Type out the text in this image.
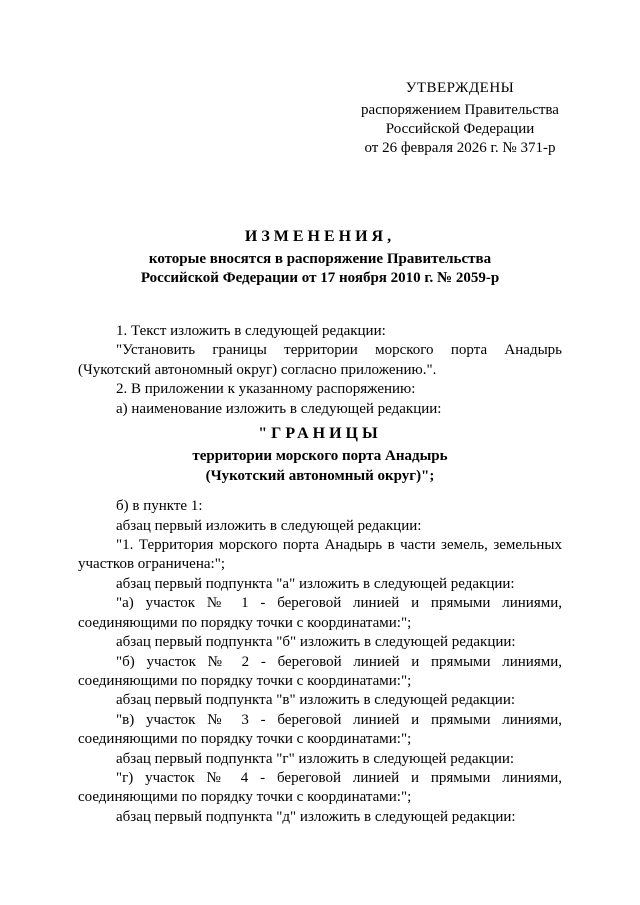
УТВЕРЖДЕНЫ
распоряжением Правительства
Российской Федерации
от 26 февраля 2026 г. № 371-р
ИЗМЕНЕНИЯ,
которые вносятся в распоряжение Правительства
Российской Федерации от 17 ноября 2010 г. № 2059-р

1. Текст изложить в следующей редакции:

"Установить границы территории морского порта Анадырь (Чукотский автономный округ) согласно приложению.".

2. В приложении к указанному распоряжению:

а) наименование изложить в следующей редакции:

"ГРАНИЦЫ
территории морского порта Анадырь
(Чукотский автономный округ)";

б) в пункте 1:

абзац первый изложить в следующей редакции:

"1. Территория морского порта Анадырь в части земель, земельных участков ограничена:";

абзац первый подпункта "а" изложить в следующей редакции:

"а) участок № 1 - береговой линией и прямыми линиями, соединяющими по порядку точки с координатами:";

абзац первый подпункта "б" изложить в следующей редакции:

"б) участок № 2 - береговой линией и прямыми линиями, соединяющими по порядку точки с координатами:";

абзац первый подпункта "в" изложить в следующей редакции:

"в) участок № 3 - береговой линией и прямыми линиями, соединяющими по порядку точки с координатами:";

абзац первый подпункта "г" изложить в следующей редакции:

"г) участок № 4 - береговой линией и прямыми линиями, соединяющими по порядку точки с координатами:";

абзац первый подпункта "д" изложить в следующей редакции:
